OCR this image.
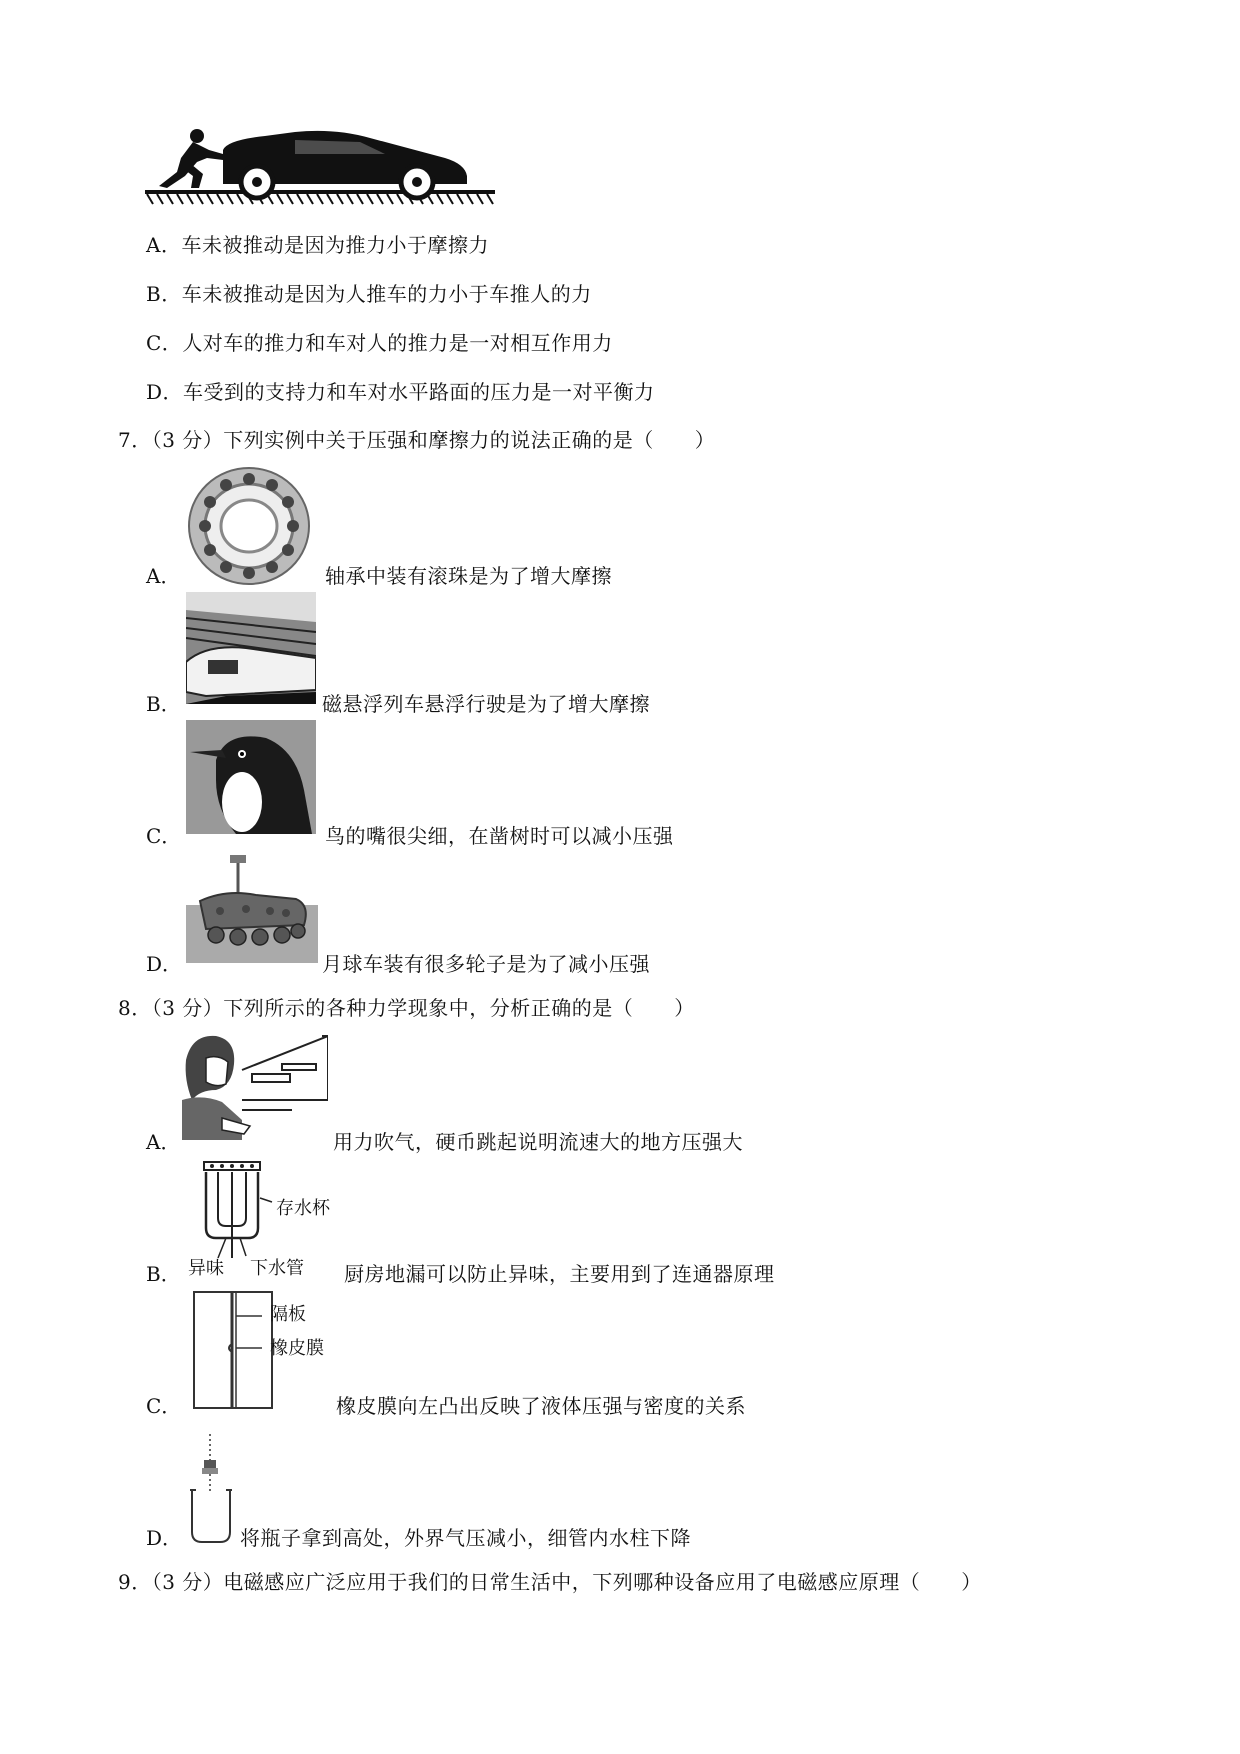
A．车未被推动是因为推力小于摩擦力
B．车未被推动是因为人推车的力小于车推人的力
C．人对车的推力和车对人的推力是一对相互作用力
D．车受到的支持力和车对水平路面的压力是一对平衡力
7．（3 分）下列实例中关于压强和摩擦力的说法正确的是（　　）
A．	轴承中装有滚珠是为了增大摩擦
B．	磁悬浮列车悬浮行驶是为了增大摩擦
C．	鸟的嘴很尖细，在凿树时可以减小压强
D．	月球车装有很多轮子是为了减小压强
8．（3 分）下列所示的各种力学现象中，分析正确的是（　　）
A．	用力吹气，硬币跳起说明流速大的地方压强大
B．
存水杯
异味 下水管 厨房地漏可以防止异味，主要用到了连通器原理
C．
隔板
橡皮膜
橡皮膜向左凸出反映了液体压强与密度的关系
D．	将瓶子拿到高处，外界气压减小，细管内水柱下降
9．（3 分）电磁感应广泛应用于我们的日常生活中，下列哪种设备应用了电磁感应原理（　　）
